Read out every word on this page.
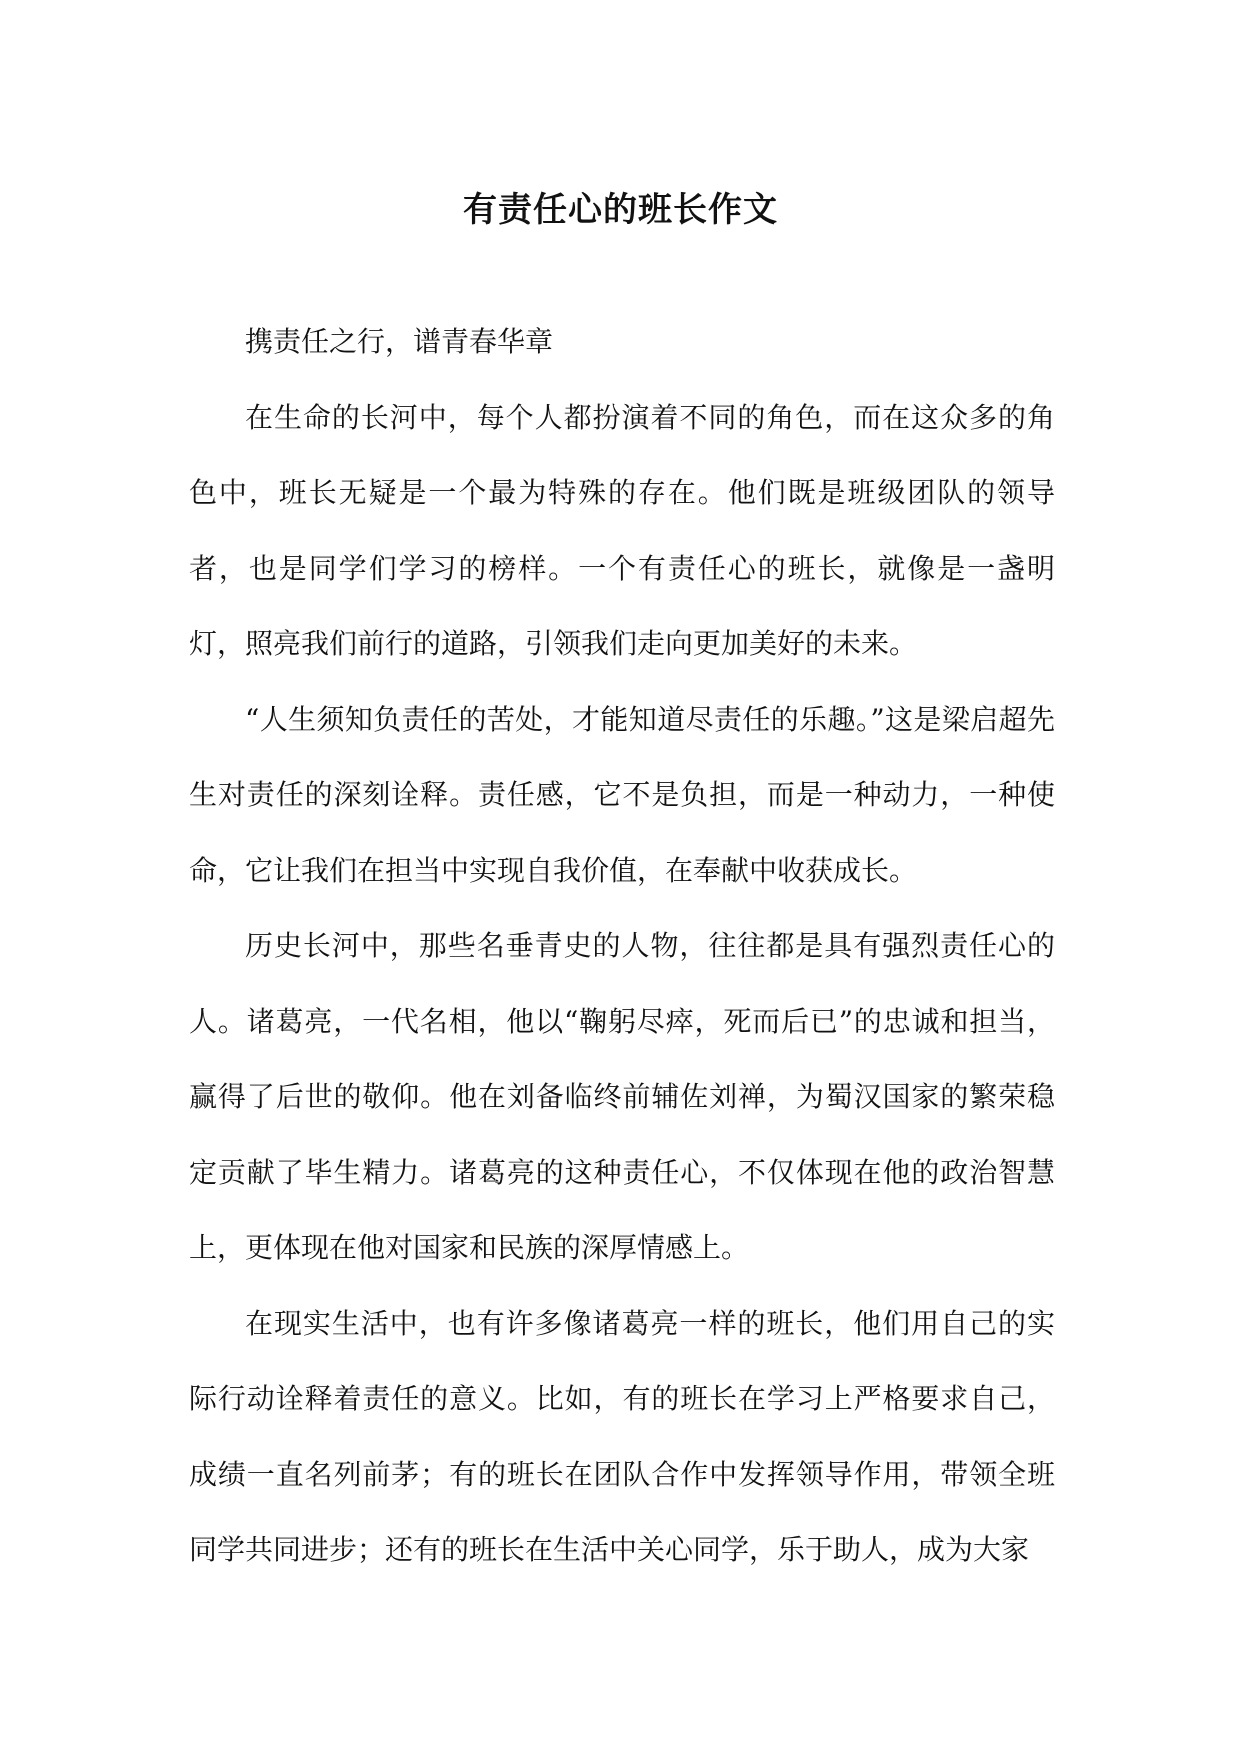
有责任心的班长作文

携责任之行，谱青春华章

在生命的长河中，每个人都扮演着不同的角色，而在这众多的角色中，班长无疑是一个最为特殊的存在。他们既是班级团队的领导者，也是同学们学习的榜样。一个有责任心的班长，就像是一盏明灯，照亮我们前行的道路，引领我们走向更加美好的未来。

“人生须知负责任的苦处，才能知道尽责任的乐趣。”这是梁启超先生对责任的深刻诠释。责任感，它不是负担，而是一种动力，一种使命，它让我们在担当中实现自我价值，在奉献中收获成长。

历史长河中，那些名垂青史的人物，往往都是具有强烈责任心的人。诸葛亮，一代名相，他以“鞠躬尽瘁，死而后已”的忠诚和担当，赢得了后世的敬仰。他在刘备临终前辅佐刘禅，为蜀汉国家的繁荣稳定贡献了毕生精力。诸葛亮的这种责任心，不仅体现在他的政治智慧上，更体现在他对国家和民族的深厚情感上。

在现实生活中，也有许多像诸葛亮一样的班长，他们用自己的实际行动诠释着责任的意义。比如，有的班长在学习上严格要求自己，成绩一直名列前茅；有的班长在团队合作中发挥领导作用，带领全班同学共同进步；还有的班长在生活中关心同学，乐于助人，成为大家
